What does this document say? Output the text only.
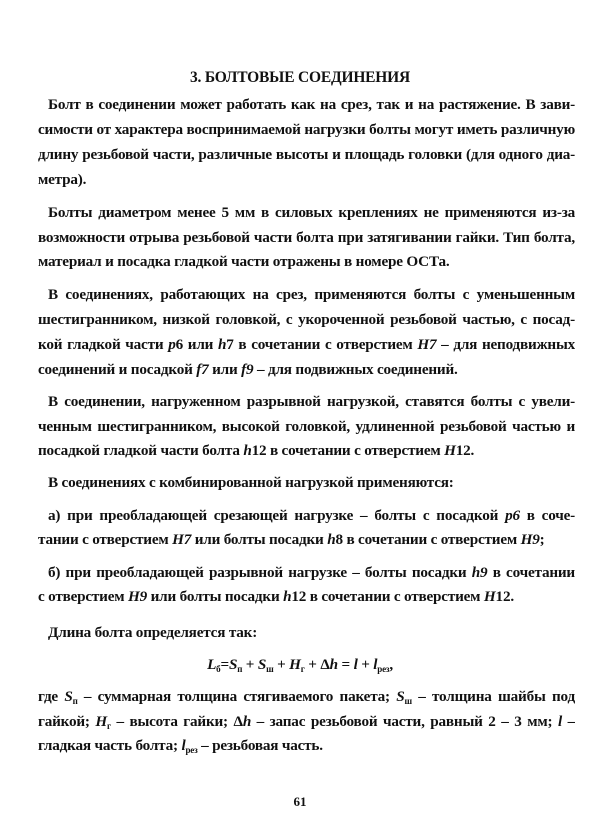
3. БОЛТОВЫЕ СОЕДИНЕНИЯ
Болт в соединении может работать как на срез, так и на растяжение. В зави-
симости от характера воспринимаемой нагрузки болты могут иметь различную
длину резьбовой части, различные высоты и площадь головки (для одного диа-
метра).
Болты диаметром менее 5 мм в силовых креплениях не применяются из-за
возможности отрыва резьбовой части болта при затягивании гайки. Тип болта,
материал и посадка гладкой части отражены в номере ОСТа.
В соединениях, работающих на срез, применяются болты с уменьшенным
шестигранником, низкой головкой, с укороченной резьбовой частью, с посад-
кой гладкой части p6 или h7 в сочетании с отверстием H7 – для неподвижных
соединений и посадкой f7 или f9 – для подвижных соединений.
В соединении, нагруженном разрывной нагрузкой, ставятся болты с увели-
ченным шестигранником, высокой головкой, удлиненной резьбовой частью и
посадкой гладкой части болта h12 в сочетании с отверстием H12.
В соединениях с комбинированной нагрузкой применяются:
а) при преобладающей срезающей нагрузке – болты с посадкой p6 в соче-
тании с отверстием H7 или болты посадки h8 в сочетании с отверстием H9;
б) при преобладающей разрывной нагрузке – болты посадки h9 в сочетании
с отверстием H9 или болты посадки h12 в сочетании с отверстием H12.
Длина болта определяется так:
$L_б=S_п + S_ш + H_г + \Delta h = l + l_{рез}$,
где $S_п$ – суммарная толщина стягиваемого пакета; $S_ш$ – толщина шайбы под
гайкой; $H_г$ – высота гайки; Δh – запас резьбовой части, равный 2 – 3 мм; l –
гладкая часть болта; $l_{рез}$ – резьбовая часть.
61
